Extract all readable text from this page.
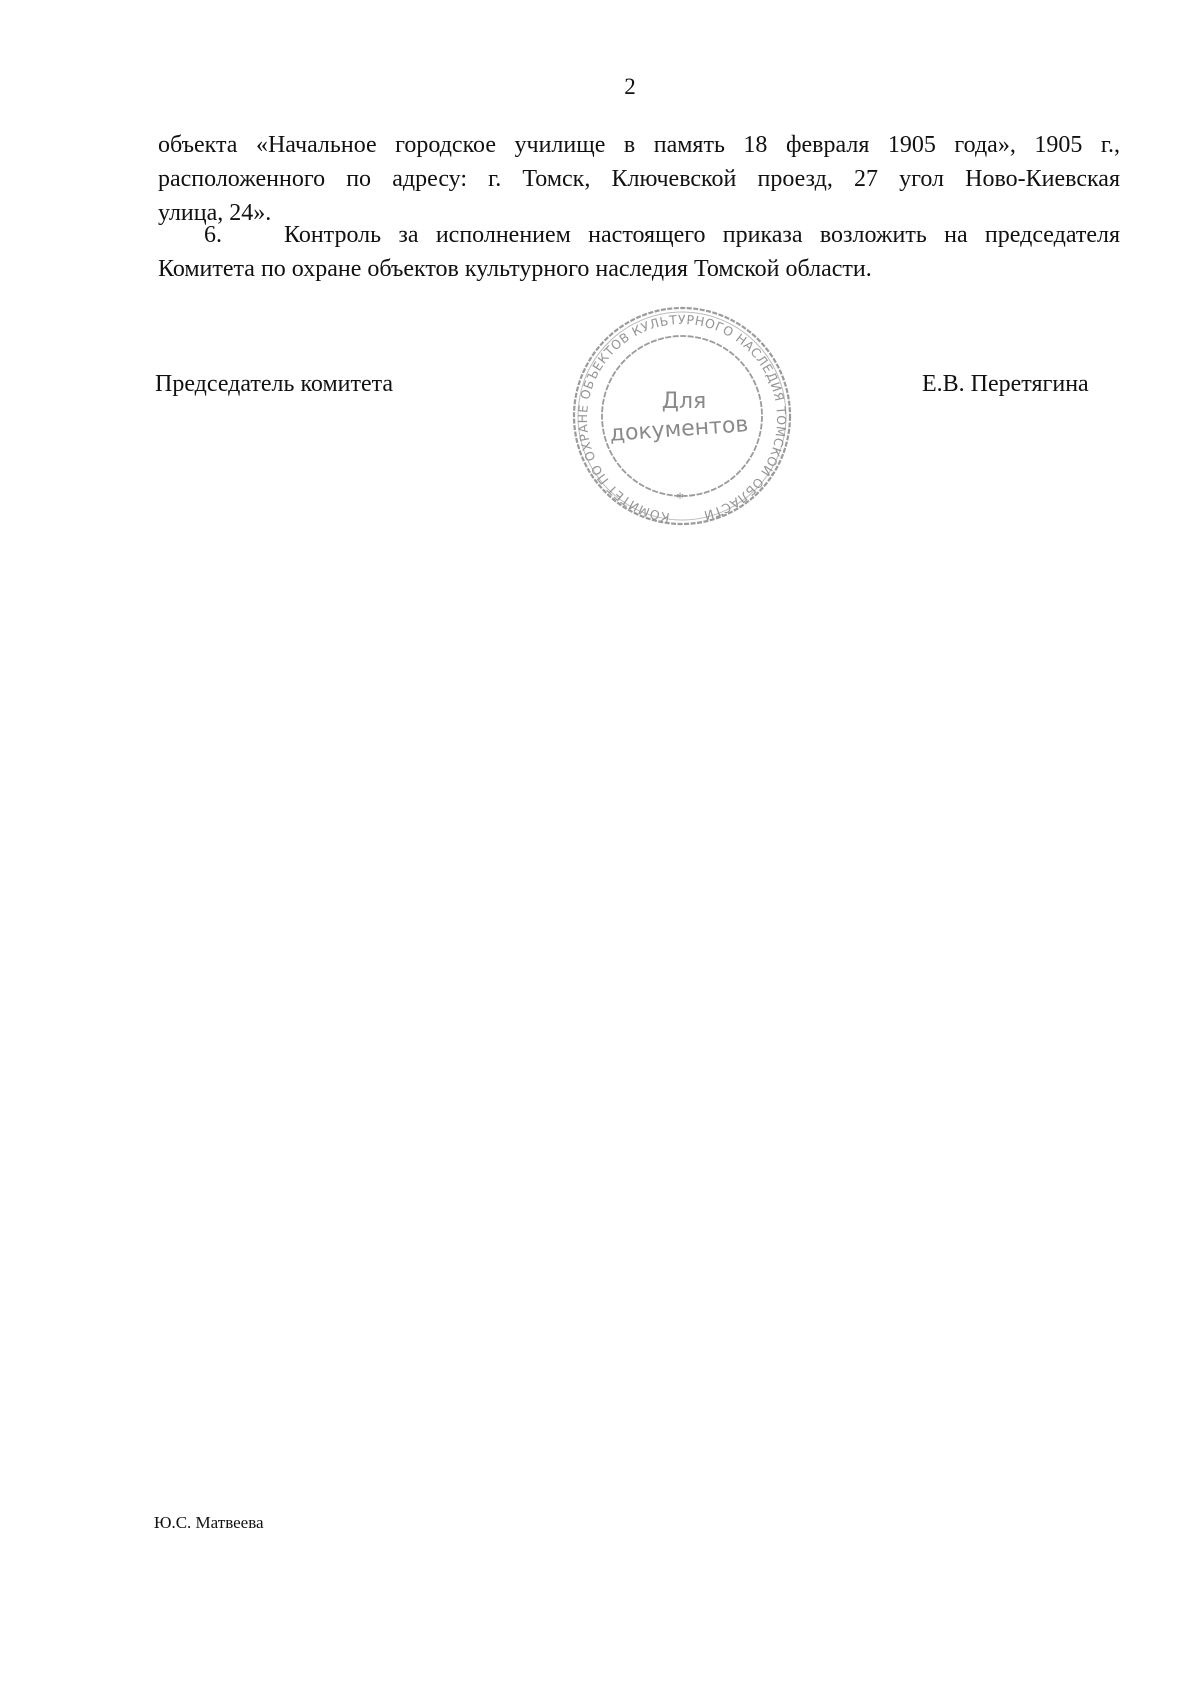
2
объекта «Начальное городское училище в память 18 февраля 1905 года», 1905 г.,
расположенного по адресу: г. Томск, Ключевской проезд, 27 угол Ново-Киевская
улица, 24».
6.	Контроль за исполнением настоящего приказа возложить на председателя
Комитета по охране объектов культурного наследия Томской области.
Председатель комитета
КОМИТЕТ ПО ОХРАНЕ ОБЪЕКТОВ КУЛЬТУРНОГО НАСЛЕДИЯ ТОМСКОЙ ОБЛАСТИ
*
Для
документов
Е.В. Перетягина
Ю.С. Матвеева
